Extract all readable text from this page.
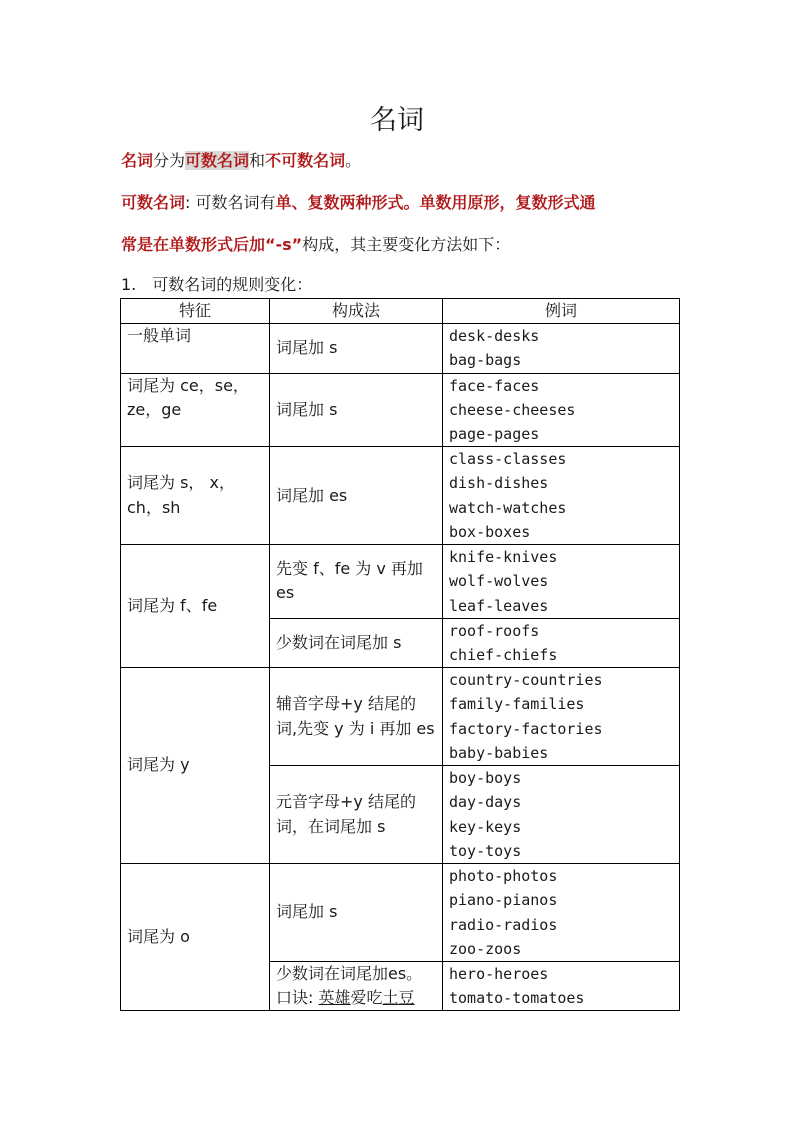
名词
名词分为可数名词和不可数名词。
可数名词: 可数名词有单、复数两种形式。单数用原形，复数形式通
常是在单数形式后加“-s”构成，其主要变化方法如下：
1.　可数名词的规则变化：
特征	构成法	例词
一般单词	词尾加 s	desk-desks
bag-bags

词尾为 ce，se，ze，ge	词尾加 s	face-faces
cheese-cheeses
page-pages

词尾为 s， x，ch，sh	词尾加 es	class-classes
dish-dishes
watch-watches
box-boxes

词尾为 f、fe	先变 f、fe 为 v 再加 es	knife-knives
wolf-wolves
leaf-leaves

	少数词在词尾加 s	roof-roofs
chief-chiefs

词尾为 y	辅音字母+y 结尾的词,先变 y 为 i 再加 es	country-countries
family-families
factory-factories
baby-babies

	元音字母+y 结尾的词，在词尾加 s	boy-boys
day-days
key-keys
toy-toys

词尾为 o	词尾加 s	photo-photos
piano-pianos
radio-radios
zoo-zoos

	少数词在词尾加es。口诀: 英雄爱吃土豆	hero-heroes
tomato-tomatoes
